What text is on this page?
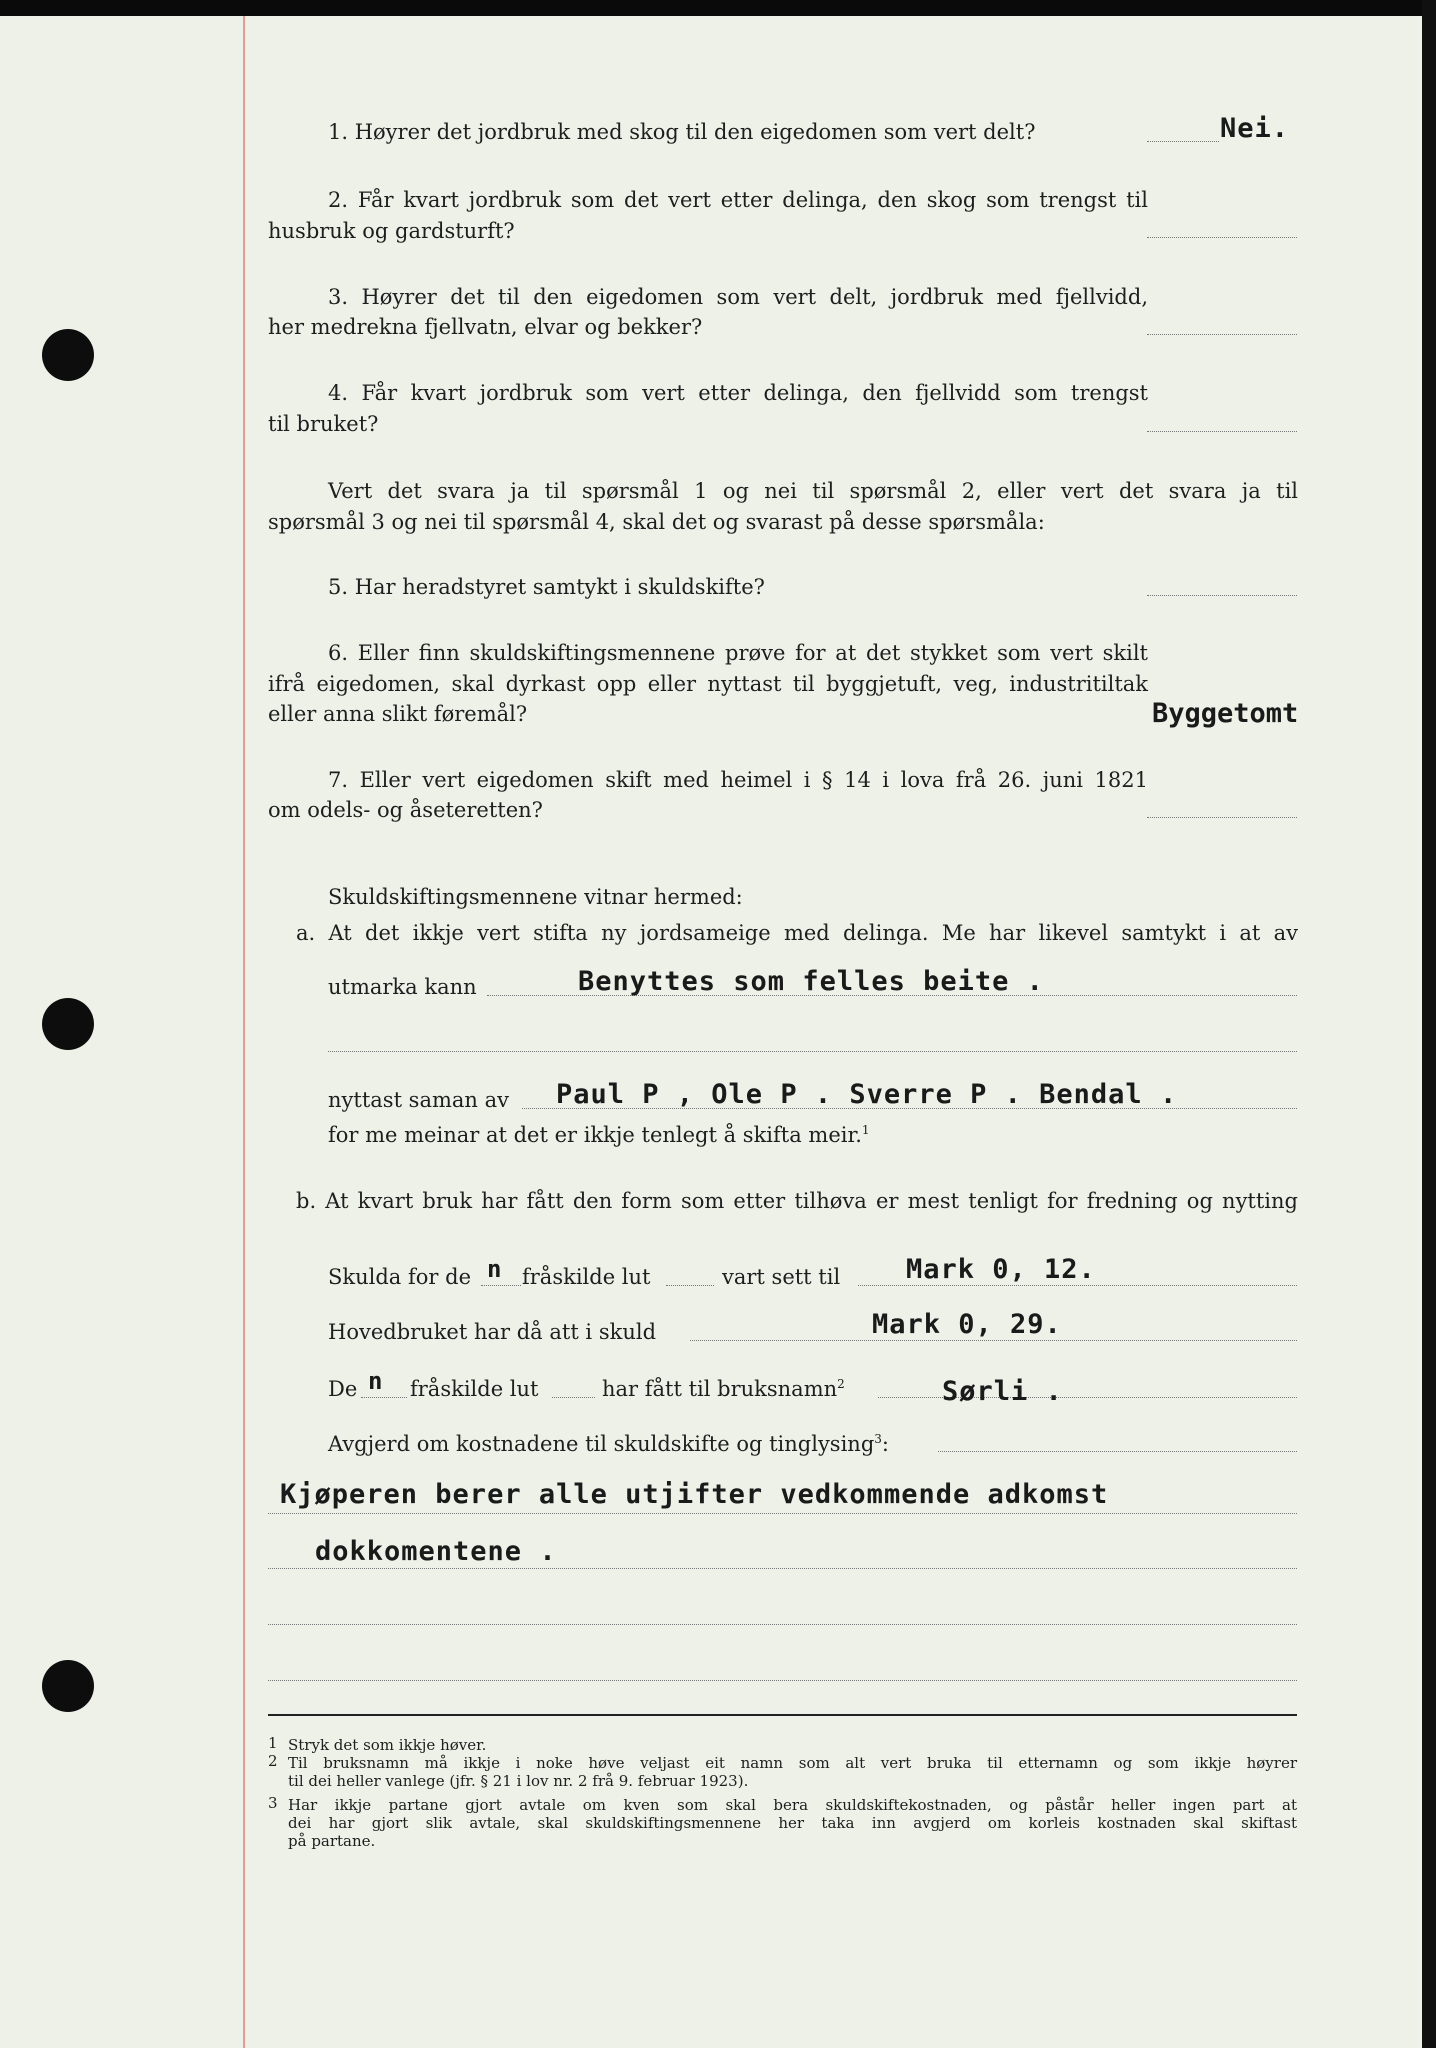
1. Høyrer det jordbruk med skog til den eigedomen som vert delt?	Nei.
2. Får kvart jordbruk som det vert etter delinga, den skog som trengst til
husbruk og gardsturft?
3. Høyrer det til den eigedomen som vert delt, jordbruk med fjellvidd,
her medrekna fjellvatn, elvar og bekker?
4. Får kvart jordbruk som vert etter delinga, den fjellvidd som trengst
til bruket?
Vert det svara ja til spørsmål 1 og nei til spørsmål 2, eller vert det svara ja til
spørsmål 3 og nei til spørsmål 4, skal det og svarast på desse spørsmåla:
5. Har heradstyret samtykt i skuldskifte?
6. Eller finn skuldskiftingsmennene prøve for at det stykket som vert skilt
ifrå eigedomen, skal dyrkast opp eller nyttast til byggjetuft, veg, industritiltak
eller anna slikt føremål?	Byggetomt
7. Eller vert eigedomen skift med heimel i § 14 i lova frå 26. juni 1821
om odels- og åseteretten?
Skuldskiftingsmennene vitnar hermed:
a. At det ikkje vert stifta ny jordsameige med delinga. Me har likevel samtykt i at av
utmarka kann	Benyttes som felles beite .
nyttast saman av Paul P , Ole P . Sverre P . Bendal .
for me meinar at det er ikkje tenlegt å skifta meir.$^1$
b. At kvart bruk har fått den form som etter tilhøva er mest tenligt for fredning og nytting
Skulda for de n fråskilde lut	vart sett til Mark 0, 12.
Hovedbruket har då att i skuld	Mark 0, 29.
De n fråskilde lut	har fått til bruksnamn$^2$	Sørli .
Avgjerd om kostnadene til skuldskifte og tinglysing$^3$:
Kjøperen berer alle utjifter vedkommende adkomst
dokkomentene .
1 Stryk det som ikkje høver.
2 Til bruksnamn må ikkje i noke høve veljast eit namn som alt vert bruka til etternamn og som ikkje høyrer
til dei heller vanlege (jfr. § 21 i lov nr. 2 frå 9. februar 1923).
3 Har ikkje partane gjort avtale om kven som skal bera skuldskiftekostnaden, og påstår heller ingen part at
dei har gjort slik avtale, skal skuldskiftingsmennene her taka inn avgjerd om korleis kostnaden skal skiftast
på partane.
